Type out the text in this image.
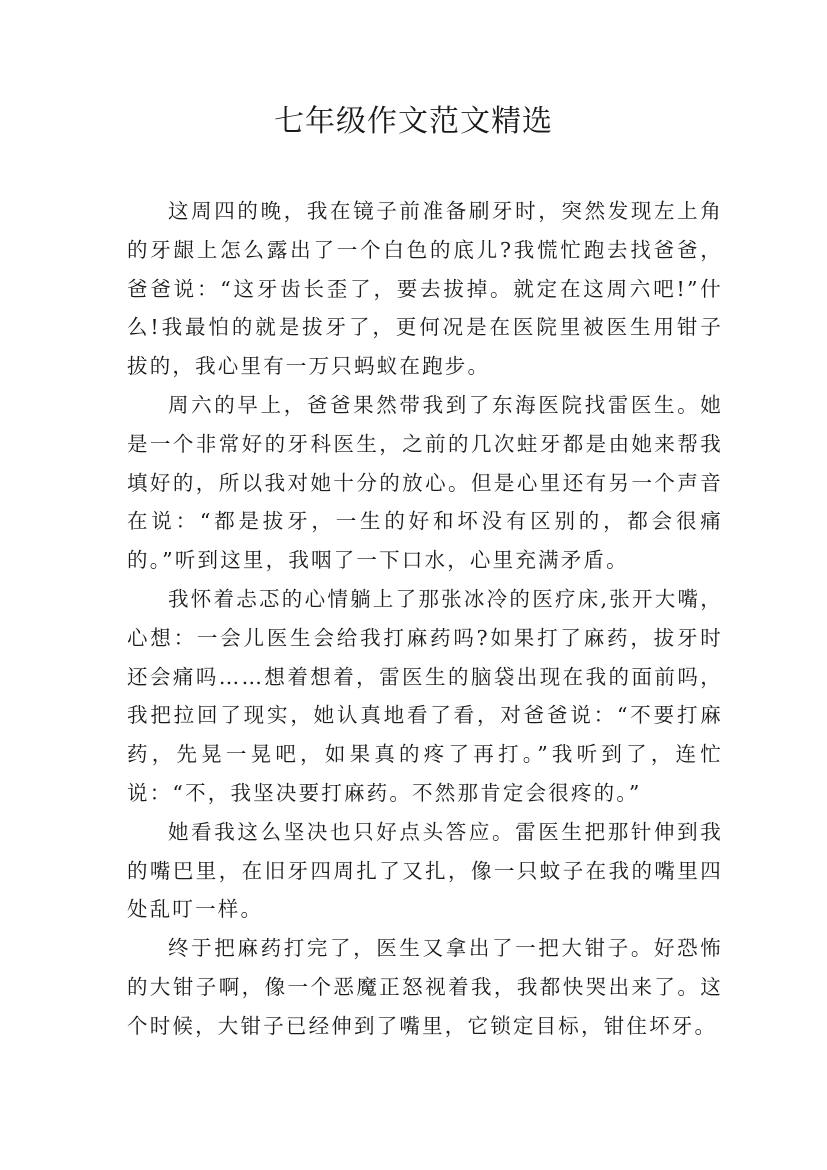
七年级作文范文精选

这周四的晚，我在镜子前准备刷牙时，突然发现左上角的牙龈上怎么露出了一个白色的底儿?我慌忙跑去找爸爸，爸爸说：“这牙齿长歪了，要去拔掉。就定在这周六吧!”什么!我最怕的就是拔牙了，更何况是在医院里被医生用钳子拔的，我心里有一万只蚂蚁在跑步。

周六的早上，爸爸果然带我到了东海医院找雷医生。她是一个非常好的牙科医生，之前的几次蛀牙都是由她来帮我填好的，所以我对她十分的放心。但是心里还有另一个声音在说：“都是拔牙，一生的好和坏没有区别的，都会很痛的。”听到这里，我咽了一下口水，心里充满矛盾。

我怀着忐忑的心情躺上了那张冰冷的医疗床,张开大嘴，心想：一会儿医生会给我打麻药吗?如果打了麻药，拔牙时还会痛吗……想着想着，雷医生的脑袋出现在我的面前吗，我把拉回了现实，她认真地看了看，对爸爸说：“不要打麻药，先晃一晃吧，如果真的疼了再打。”我听到了，连忙说：“不，我坚决要打麻药。不然那肯定会很疼的。”

她看我这么坚决也只好点头答应。雷医生把那针伸到我的嘴巴里，在旧牙四周扎了又扎，像一只蚊子在我的嘴里四处乱叮一样。

终于把麻药打完了，医生又拿出了一把大钳子。好恐怖的大钳子啊，像一个恶魔正怒视着我，我都快哭出来了。这个时候，大钳子已经伸到了嘴里，它锁定目标，钳住坏牙。
